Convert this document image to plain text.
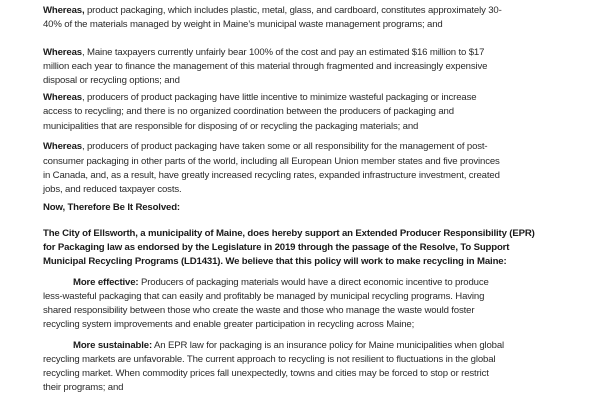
Whereas, product packaging, which includes plastic, metal, glass, and cardboard, constitutes approximately 30-
40% of the materials managed by weight in Maine’s municipal waste management programs; and
Whereas, Maine taxpayers currently unfairly bear 100% of the cost and pay an estimated $16 million to $17
million each year to finance the management of this material through fragmented and increasingly expensive
disposal or recycling options; and
Whereas, producers of product packaging have little incentive to minimize wasteful packaging or increase
access to recycling; and there is no organized coordination between the producers of packaging and
municipalities that are responsible for disposing of or recycling the packaging materials; and
Whereas, producers of product packaging have taken some or all responsibility for the management of post-
consumer packaging in other parts of the world, including all European Union member states and five provinces
in Canada, and, as a result, have greatly increased recycling rates, expanded infrastructure investment, created
jobs, and reduced taxpayer costs.
Now, Therefore Be It Resolved:
The City of Ellsworth, a municipality of Maine, does hereby support an Extended Producer Responsibility (EPR)
for Packaging law as endorsed by the Legislature in 2019 through the passage of the Resolve, To Support
Municipal Recycling Programs (LD1431). We believe that this policy will work to make recycling in Maine:
More effective: Producers of packaging materials would have a direct economic incentive to produce
less-wasteful packaging that can easily and profitably be managed by municipal recycling programs. Having
shared responsibility between those who create the waste and those who manage the waste would foster
recycling system improvements and enable greater participation in recycling across Maine;
More sustainable: An EPR law for packaging is an insurance policy for Maine municipalities when global
recycling markets are unfavorable. The current approach to recycling is not resilient to fluctuations in the global
recycling market. When commodity prices fall unexpectedly, towns and cities may be forced to stop or restrict
their programs; and
